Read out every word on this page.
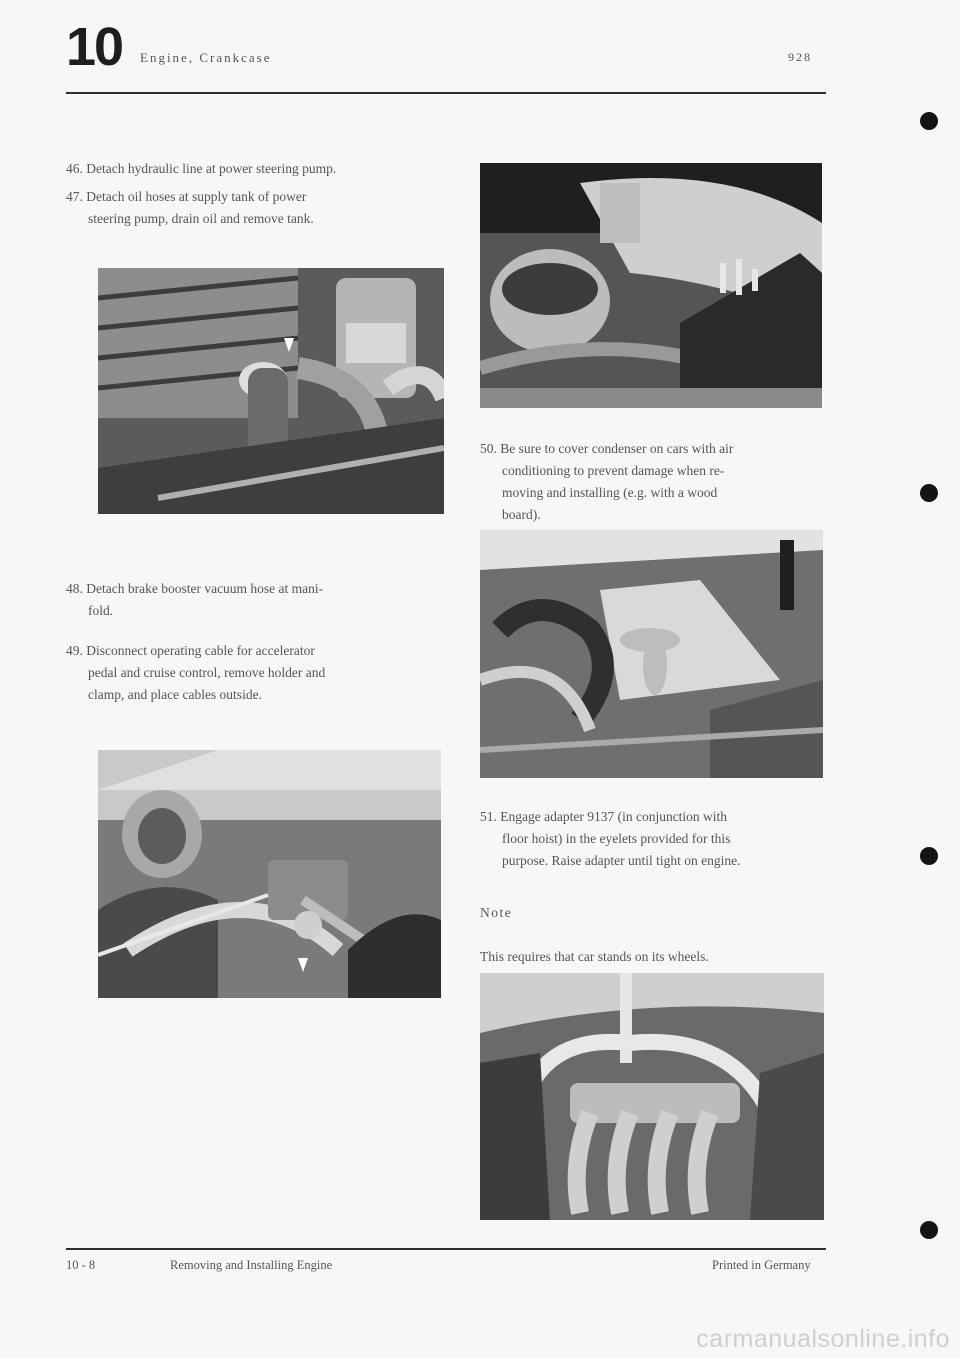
10 Engine, Crankcase	928
46. Detach hydraulic line at power steering pump.
47. Detach oil hoses at supply tank of power
steering pump, drain oil and remove tank.
48. Detach brake booster vacuum hose at mani-
fold.
49. Disconnect operating cable for accelerator
pedal and cruise control, remove holder and
clamp, and place cables outside.
50. Be sure to cover condenser on cars with air
conditioning to prevent damage when re-
moving and installing (e.g. with a wood
board).
51. Engage adapter 9137 (in conjunction with
floor hoist) in the eyelets provided for this
purpose. Raise adapter until tight on engine.
Note
This requires that car stands on its wheels.
10 - 8	Removing and Installing Engine	Printed in Germany
carmanualsonline.info
